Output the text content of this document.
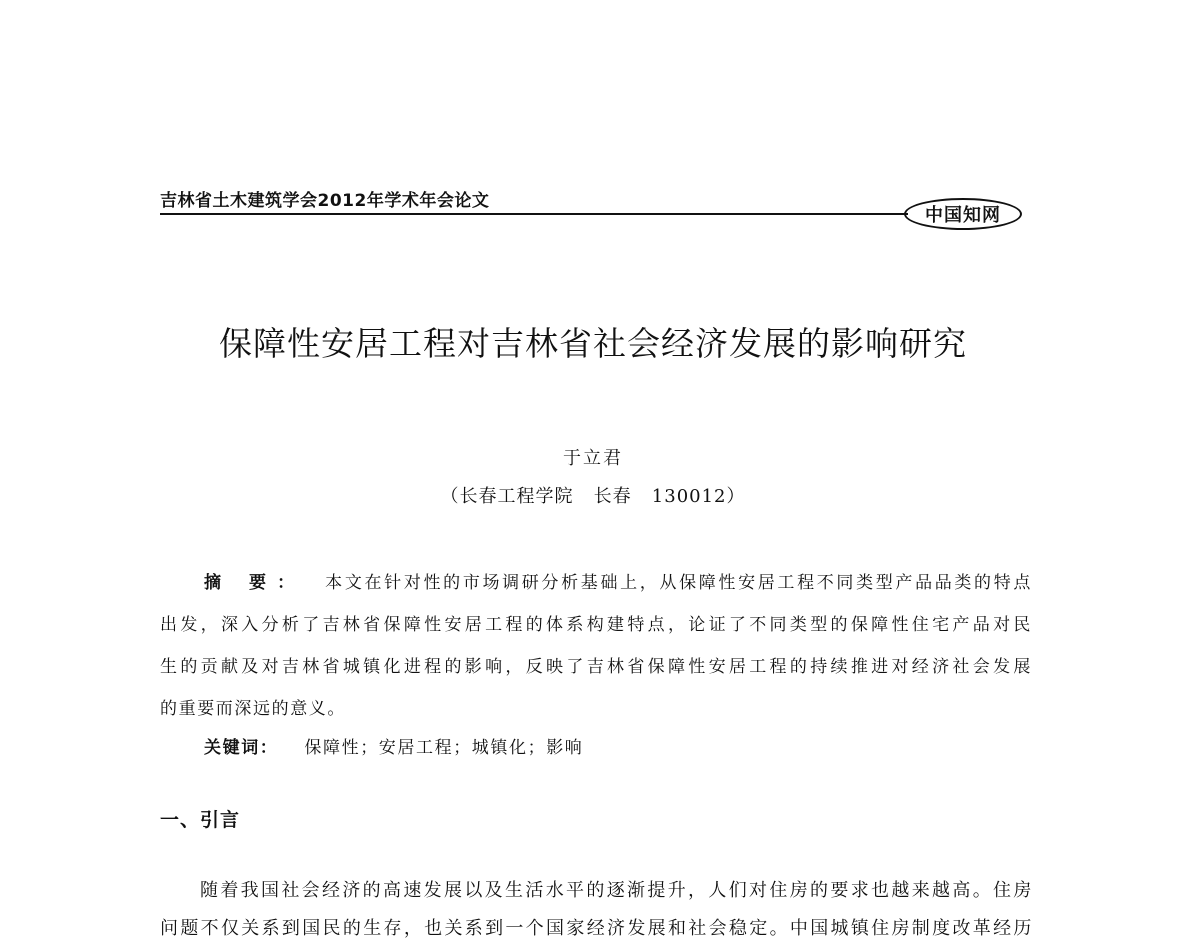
吉林省土木建筑学会2012年学术年会论文
中国知网
保障性安居工程对吉林省社会经济发展的影响研究
于立君
（长春工程学院   长春   130012）
摘 要： 本文在针对性的市场调研分析基础上，从保障性安居工程不同类型产品品类的特点
出发，深入分析了吉林省保障性安居工程的体系构建特点，论证了不同类型的保障性住宅产品对民
生的贡献及对吉林省城镇化进程的影响，反映了吉林省保障性安居工程的持续推进对经济社会发展
的重要而深远的意义。
关键词： 保障性；安居工程；城镇化；影响
一、引言
随着我国社会经济的高速发展以及生活水平的逐渐提升，人们对住房的要求也越来越高。住房
问题不仅关系到国民的生存，也关系到一个国家经济发展和社会稳定。中国城镇住房制度改革经历
